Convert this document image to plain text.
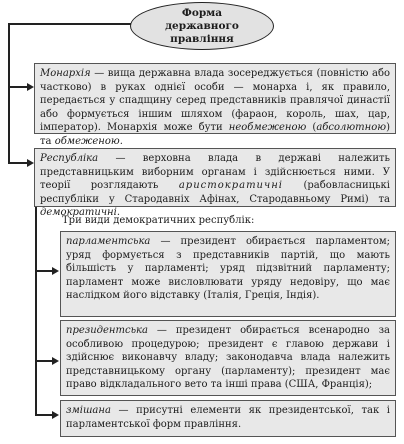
Форма державного правління
Монархія — вища державна влада зосереджується (повністю або частково) в руках однієї особи — монарха і, як правило, передається у спадщину серед представників правлячої династії або формується іншим шляхом (фараон, король, шах, цар, імператор). Монархія може бути необмеженою (абсолютною) та обмеженою.
Республіка — верховна влада в державі належить представницьким виборним органам і здійснюється ними. У теорії розглядають аристократичні (рабовласницькі республіки у Стародавніх Афінах, Стародавньому Римі) та демократичні.
Три види демократичних республік:
парламентська — президент обирається парламентом; уряд формується з представників партій, що мають більшість у парламенті; уряд підзвітний парламенту; парламент може висловлювати уряду недовіру, що має наслідком його відставку (Італія, Греція, Індія).
президентська — президент обирається всенародно за особливою процедурою; президент є главою держави і здійснює виконавчу владу; законодавча влада належить представницькому органу (парламенту); президент має право відкладального вето та інші права (США, Франція);
змішана — присутні елементи як президентської, так і парламентської форм правління.
